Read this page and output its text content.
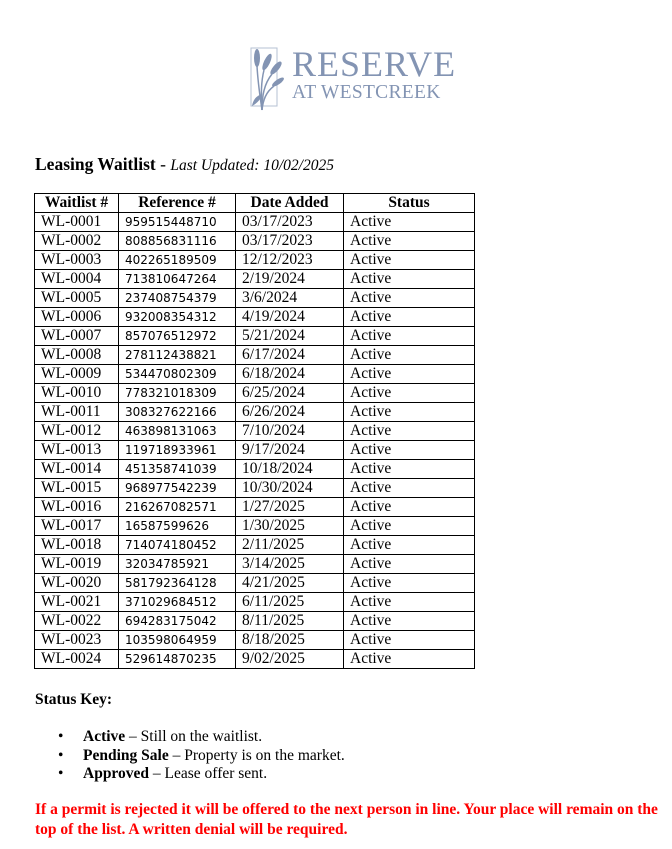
RESERVE
AT WESTCREEK
Leasing Waitlist - Last Updated: 10/02/2025
Waitlist #	Reference #	Date Added	Status
WL-0001	959515448710	03/17/2023	Active
WL-0002	808856831116	03/17/2023	Active
WL-0003	402265189509	12/12/2023	Active
WL-0004	713810647264	2/19/2024	Active
WL-0005	237408754379	3/6/2024	Active
WL-0006	932008354312	4/19/2024	Active
WL-0007	857076512972	5/21/2024	Active
WL-0008	278112438821	6/17/2024	Active
WL-0009	534470802309	6/18/2024	Active
WL-0010	778321018309	6/25/2024	Active
WL-0011	308327622166	6/26/2024	Active
WL-0012	463898131063	7/10/2024	Active
WL-0013	119718933961	9/17/2024	Active
WL-0014	451358741039	10/18/2024	Active
WL-0015	968977542239	10/30/2024	Active
WL-0016	216267082571	1/27/2025	Active
WL-0017	16587599626	1/30/2025	Active
WL-0018	714074180452	2/11/2025	Active
WL-0019	32034785921	3/14/2025	Active
WL-0020	581792364128	4/21/2025	Active
WL-0021	371029684512	6/11/2025	Active
WL-0022	694283175042	8/11/2025	Active
WL-0023	103598064959	8/18/2025	Active
WL-0024	529614870235	9/02/2025	Active
Status Key:
• Active – Still on the waitlist.
• Pending Sale – Property is on the market.
• Approved – Lease offer sent.
If a permit is rejected it will be offered to the next person in line. Your place will remain on the top of the list. A written denial will be required.
